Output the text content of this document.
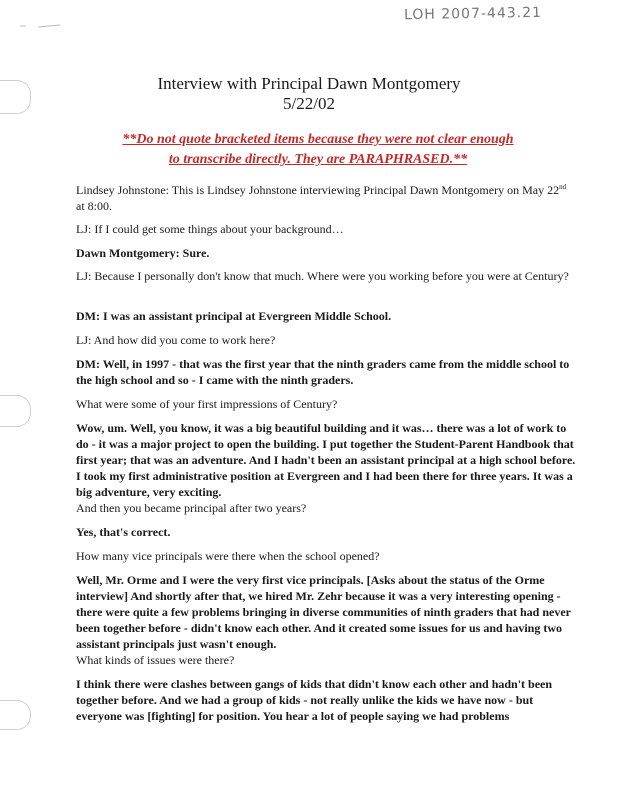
LOH 2007-443.21
Interview with Principal Dawn Montgomery
5/22/02
**Do not quote bracketed items because they were not clear enough to transcribe directly. They are PARAPHRASED.**
Lindsey Johnstone: This is Lindsey Johnstone interviewing Principal Dawn Montgomery on May 22nd at 8:00.
LJ: If I could get some things about your background…
Dawn Montgomery: Sure.
LJ: Because I personally don't know that much. Where were you working before you were at Century?
DM: I was an assistant principal at Evergreen Middle School.
LJ: And how did you come to work here?
DM: Well, in 1997 - that was the first year that the ninth graders came from the middle school to the high school and so - I came with the ninth graders.
What were some of your first impressions of Century?
Wow, um. Well, you know, it was a big beautiful building and it was… there was a lot of work to do - it was a major project to open the building. I put together the Student-Parent Handbook that first year; that was an adventure. And I hadn't been an assistant principal at a high school before. I took my first administrative position at Evergreen and I had been there for three years. It was a big adventure, very exciting.
And then you became principal after two years?
Yes, that's correct.
How many vice principals were there when the school opened?
Well, Mr. Orme and I were the very first vice principals. [Asks about the status of the Orme interview] And shortly after that, we hired Mr. Zehr because it was a very interesting opening - there were quite a few problems bringing in diverse communities of ninth graders that had never been together before - didn't know each other. And it created some issues for us and having two assistant principals just wasn't enough.
What kinds of issues were there?
I think there were clashes between gangs of kids that didn't know each other and hadn't been together before. And we had a group of kids - not really unlike the kids we have now - but everyone was [fighting] for position. You hear a lot of people saying we had problems
